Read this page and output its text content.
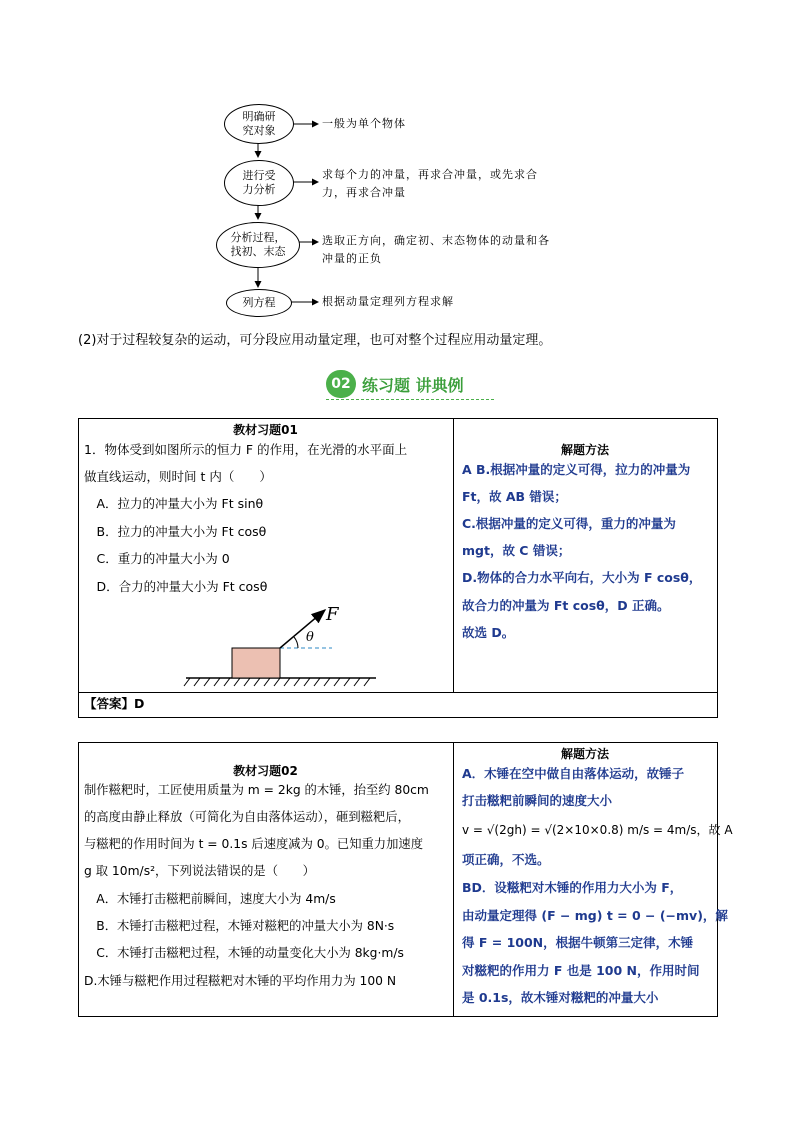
明确研
究对象
进行受
力分析
分析过程，
找初、末态
列方程
一般为单个物体
求每个力的冲量，再求合冲量，或先求合
力，再求合冲量
选取正方向，确定初、末态物体的动量和各
冲量的正负
根据动量定理列方程求解
(2)对于过程较复杂的运动，可分段应用动量定理，也可对整个过程应用动量定理。
02 练习题 讲典例
教材习题01
1．物体受到如图所示的恒力 F 的作用，在光滑的水平面上
做直线运动，则时间 t 内（　　）
　A．拉力的冲量大小为 Ft sinθ
　B．拉力的冲量大小为 Ft cosθ
　C．重力的冲量大小为 0
　D．合力的冲量大小为 Ft cosθ
F
θ
解题方法
A B.根据冲量的定义可得，拉力的冲量为
Ft，故 AB 错误；
C.根据冲量的定义可得，重力的冲量为
mgt，故 C 错误；
D.物体的合力水平向右，大小为 F cosθ，
故合力的冲量为 Ft cosθ，D 正确。
故选 D。
【答案】D
教材习题02
制作糍粑时，工匠使用质量为 m = 2kg 的木锤，抬至约 80cm
的高度由静止释放（可简化为自由落体运动），砸到糍粑后，
与糍粑的作用时间为 t = 0.1s 后速度减为 0。已知重力加速度
g 取 10m/s²，下列说法错误的是（　　）
　A．木锤打击糍粑前瞬间，速度大小为 4m/s
　B．木锤打击糍粑过程，木锤对糍粑的冲量大小为 8N·s
　C．木锤打击糍粑过程，木锤的动量变化大小为 8kg·m/s
D.木锤与糍粑作用过程糍粑对木锤的平均作用力为 100 N
解题方法
A．木锤在空中做自由落体运动，故锤子
打击糍粑前瞬间的速度大小
v = √(2gh) = √(2×10×0.8) m/s = 4m/s，故 A
项正确，不选。
BD．设糍粑对木锤的作用力大小为 F，
由动量定理得 (F − mg) t = 0 − (−mv)，解
得 F = 100N，根据牛顿第三定律，木锤
对糍粑的作用力 F 也是 100 N，作用时间
是 0.1s，故木锤对糍粑的冲量大小
